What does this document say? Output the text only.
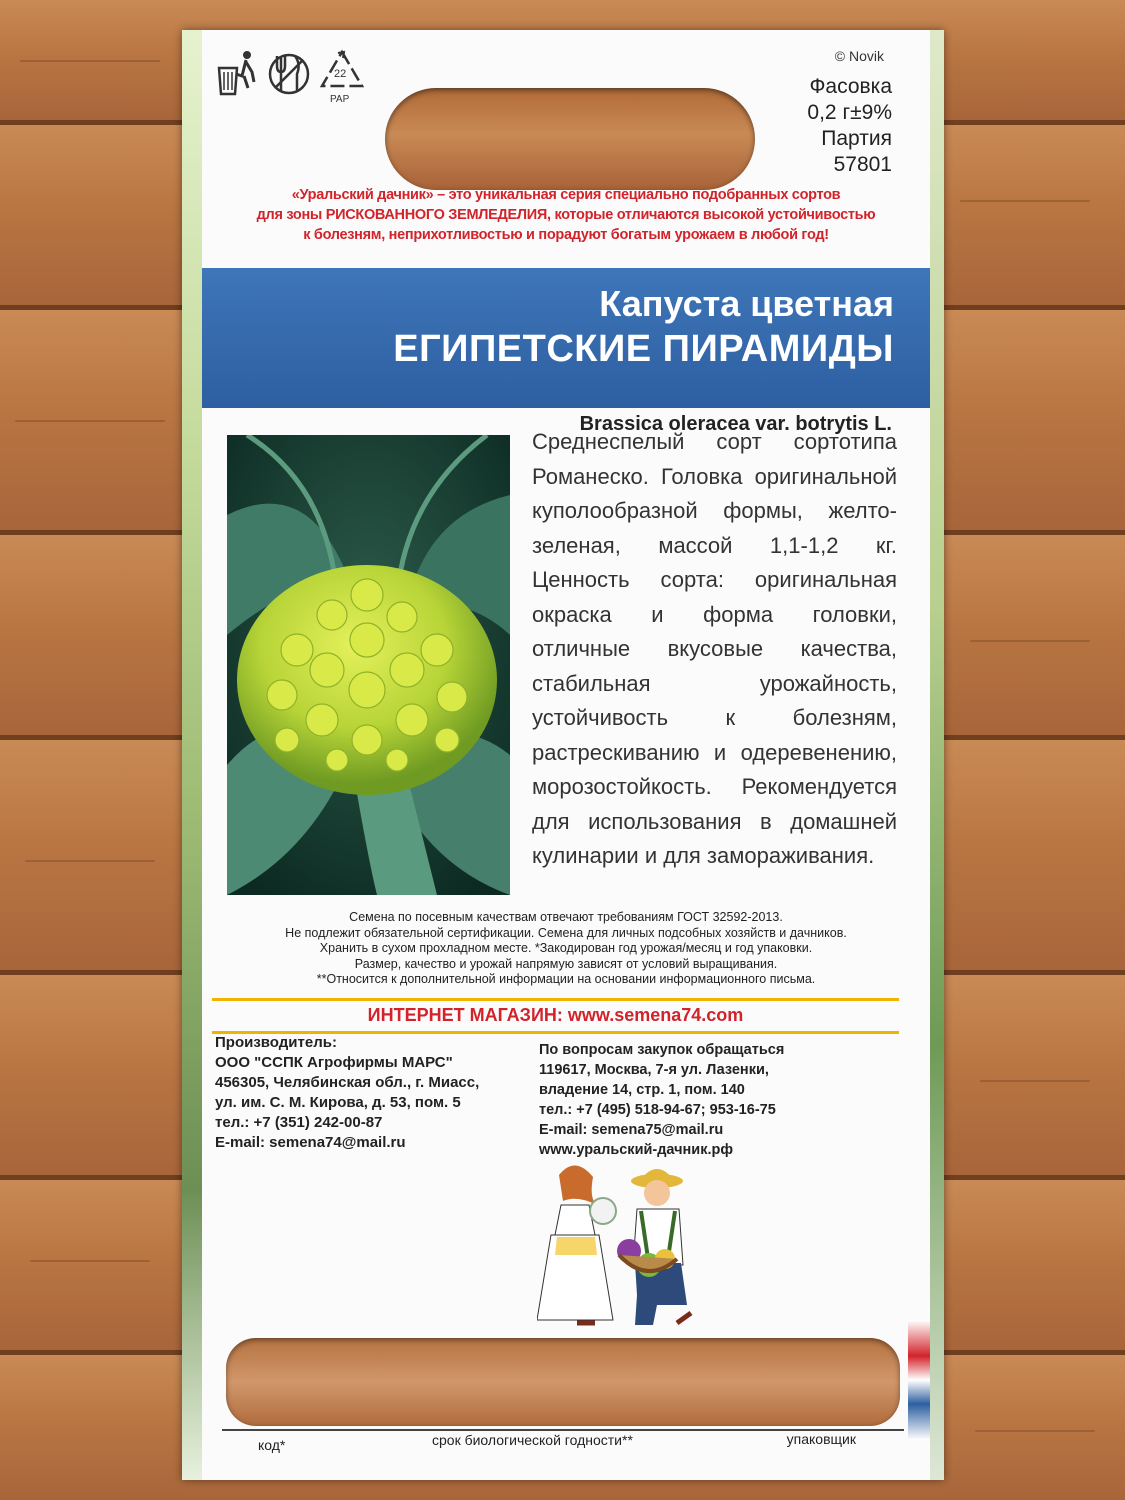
22
PAP
© Novik
Фасовка
0,2 г±9%
Партия
57801
«Уральский дачник» – это уникальная серия специально подобранных сортов
для зоны РИСКОВАННОГО ЗЕМЛЕДЕЛИЯ, которые отличаются высокой устойчивостью
к болезням, неприхотливостью и порадуют богатым урожаем в любой год!
Капуста цветная
ЕГИПЕТСКИЕ ПИРАМИДЫ
Brassica oleracea var. botrytis L.
Среднеспелый сорт сортотипа Романеско. Головка оригинальной куполообразной формы, желто-зеленая, массой 1,1-1,2 кг. Ценность сорта: оригинальная окраска и форма головки, отличные вкусовые качества, стабильная урожайность, устойчивость к болезням, растрескиванию и одеревенению, морозостойкость. Рекомендуется для использования в домашней кулинарии и для замораживания.
Семена по посевным качествам отвечают требованиям ГОСТ 32592-2013.
Не подлежит обязательной сертификации. Семена для личных подсобных хозяйств и дачников.
Хранить в сухом прохладном месте. *Закодирован год урожая/месяц и год упаковки.
Размер, качество и урожай напрямую зависят от условий выращивания.
**Относится к дополнительной информации на основании информационного письма.
ИНТЕРНЕТ МАГАЗИН: www.semena74.com
Производитель:
ООО "ССПК Агрофирмы МАРС"
456305, Челябинская обл., г. Миасс,
ул. им. С. М. Кирова, д. 53, пом. 5
тел.: +7 (351) 242-00-87
E-mail: semena74@mail.ru
По вопросам закупок обращаться
119617, Москва, 7-я ул. Лазенки,
владение 14, стр. 1, пом. 140
тел.: +7 (495) 518-94-67; 953-16-75
E-mail: semena75@mail.ru
www.уральский-дачник.рф
код*	срок биологической годности**	упаковщик
